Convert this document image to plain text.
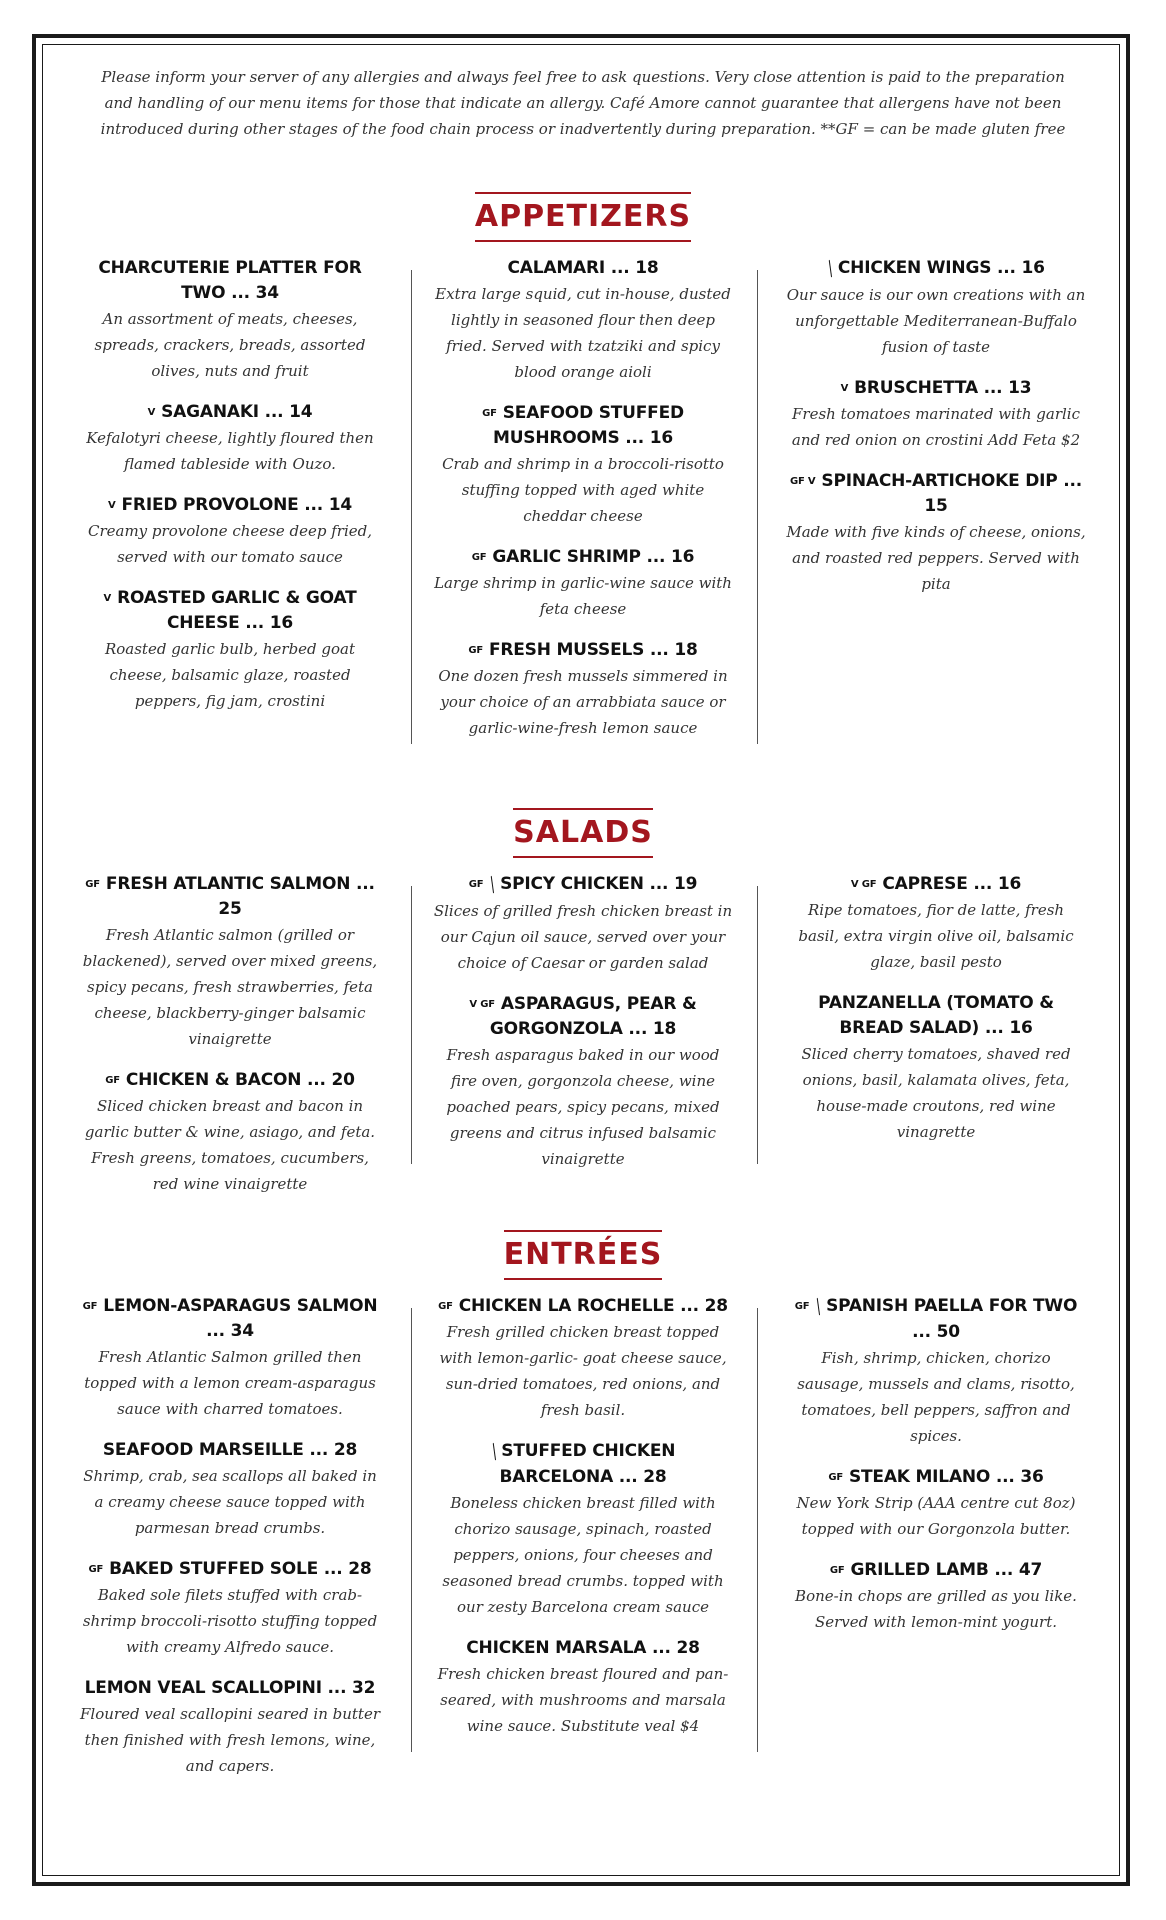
Please inform your server of any allergies and always feel free to ask questions. Very close attention is paid to the preparation and handling of our menu items for those that indicate an allergy. Café Amore cannot guarantee that allergens have not been introduced during other stages of the food chain process or inadvertently during preparation. **GF = can be made gluten free
APPETIZERS
CHARCUTERIE PLATTER FOR TWO ... 34
An assortment of meats, cheeses, spreads, crackers, breads, assorted olives, nuts and fruit
V SAGANAKI ... 14
Kefalotyri cheese, lightly floured then flamed tableside with Ouzo.
V FRIED PROVOLONE ... 14
Creamy provolone cheese deep fried, served with our tomato sauce
V ROASTED GARLIC & GOAT CHEESE ... 16
Roasted garlic bulb, herbed goat cheese, balsamic glaze, roasted peppers, fig jam, crostini
CALAMARI ... 18
Extra large squid, cut in-house, dusted lightly in seasoned flour then deep fried. Served with tzatziki and spicy blood orange aioli
GF SEAFOOD STUFFED MUSHROOMS ... 16
Crab and shrimp in a broccoli-risotto stuffing topped with aged white cheddar cheese
GF GARLIC SHRIMP ... 16
Large shrimp in garlic-wine sauce with feta cheese
GF FRESH MUSSELS ... 18
One dozen fresh mussels simmered in your choice of an arrabbiata sauce or garlic-wine-fresh lemon sauce
╱CHICKEN WINGS ... 16
Our sauce is our own creations with an unforgettable Mediterranean-Buffalo fusion of taste
V BRUSCHETTA ... 13
Fresh tomatoes marinated with garlic and red onion on crostini Add Feta $2
GF V SPINACH-ARTICHOKE DIP ... 15
Made with five kinds of cheese, onions, and roasted red peppers. Served with pita
SALADS
GF FRESH ATLANTIC SALMON ... 25
Fresh Atlantic salmon (grilled or blackened), served over mixed greens, spicy pecans, fresh strawberries, feta cheese, blackberry-ginger balsamic vinaigrette
GF CHICKEN & BACON ... 20
Sliced chicken breast and bacon in garlic butter & wine, asiago, and feta. Fresh greens, tomatoes, cucumbers, red wine vinaigrette
GF ╱SPICY CHICKEN ... 19
Slices of grilled fresh chicken breast in our Cajun oil sauce, served over your choice of Caesar or garden salad
V GF ASPARAGUS, PEAR & GORGONZOLA ... 18
Fresh asparagus baked in our wood fire oven, gorgonzola cheese, wine poached pears, spicy pecans, mixed greens and citrus infused balsamic vinaigrette
V GF CAPRESE ... 16
Ripe tomatoes, fior de latte, fresh basil, extra virgin olive oil, balsamic glaze, basil pesto
PANZANELLA (TOMATO & BREAD SALAD) ... 16
Sliced cherry tomatoes, shaved red onions, basil, kalamata olives, feta, house-made croutons, red wine vinagrette
ENTRÉES
GF LEMON-ASPARAGUS SALMON ... 34
Fresh Atlantic Salmon grilled then topped with a lemon cream-asparagus sauce with charred tomatoes.
SEAFOOD MARSEILLE ... 28
Shrimp, crab, sea scallops all baked in a creamy cheese sauce topped with parmesan bread crumbs.
GF BAKED STUFFED SOLE ... 28
Baked sole filets stuffed with crab-shrimp broccoli-risotto stuffing topped with creamy Alfredo sauce.
LEMON VEAL SCALLOPINI ... 32
Floured veal scallopini seared in butter then finished with fresh lemons, wine, and capers.
GF CHICKEN LA ROCHELLE ... 28
Fresh grilled chicken breast topped with lemon-garlic- goat cheese sauce, sun-dried tomatoes, red onions, and fresh basil.
╱STUFFED CHICKEN BARCELONA ... 28
Boneless chicken breast filled with chorizo sausage, spinach, roasted peppers, onions, four cheeses and seasoned bread crumbs. topped with our zesty Barcelona cream sauce
CHICKEN MARSALA ... 28
Fresh chicken breast floured and pan-seared, with mushrooms and marsala wine sauce. Substitute veal $4
GF ╱SPANISH PAELLA FOR TWO ... 50
Fish, shrimp, chicken, chorizo sausage, mussels and clams, risotto, tomatoes, bell peppers, saffron and spices.
GF STEAK MILANO ... 36
New York Strip (AAA centre cut 8oz) topped with our Gorgonzola butter.
GF GRILLED LAMB ... 47
Bone-in chops are grilled as you like. Served with lemon-mint yogurt.
